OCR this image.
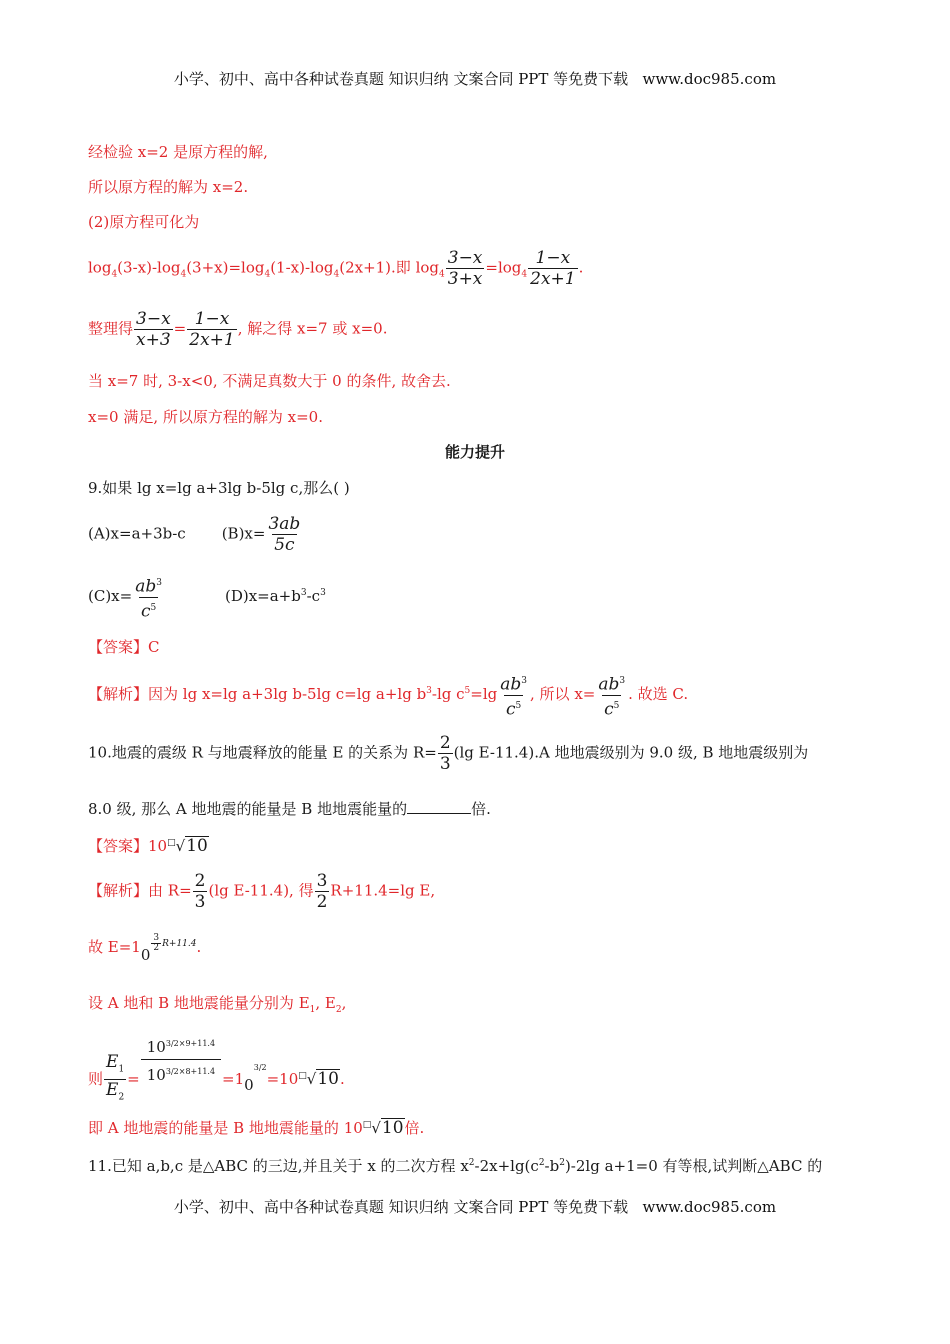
小学、初中、高中各种试卷真题 知识归纳 文案合同 PPT 等免费下载   www.doc985.com
经检验 x=2 是原方程的解,
所以原方程的解为 x=2.
(2)原方程可化为
$\log_4(3-x)-\log_4(3+x)=\log_4(1-x)-\log_4(2x+1)$.即 $\log_4 \frac{3-x}{3+x} =\log_4 \frac{1-x}{2x+1}$ .
整理得 $\frac{3-x}{x+3} = \frac{1-x}{2x+1}$ , 解之得 x=7 或 x=0.
当 x=7 时, 3-x<0, 不满足真数大于 0 的条件, 故舍去.
x=0 满足, 所以原方程的解为 x=0.
能力提升
9.如果 lg x=lg a+3lg b-5lg c,那么( )
(A)x=a+3b-c $(B)x= \frac{3ab}{5c}$
$(C)x= \frac{ab^3}{c^5}$	$(D)x=a+b^3-c^3$
【答案】C
【解析】因为 lg x=lg a+3lg b-5lg c=lg a+lg $b^3-\lg$ $c^5=\lg \frac{ab^3}{c^5}$ , 所以 $x= \frac{ab^3}{c^5}$ . 故选 C.
10.地震的震级 R 与地震释放的能量 E 的关系为 $R= \frac{2}{3} (\lg$ E-11.4).A 地地震级别为 9.0 级, B 地地震级别为
8.0 级, 那么 A 地地震的能量是 B 地地震能量的	倍.
【答案】10□√10
【解析】由 $R= \frac{2}{3} (\lg$ E-11.4), 得 $\frac{3}{2} R+11.4=\lg$ E,
故 E=10
$^{\frac{3}{2} R+11.4}$.
设 A 地和 B 地地震能量分别为 $E_1$, $E_2$,
则 $\frac{E_1}{E_2} = \frac{10^{3/2\times 9+11.4}}{10^{3/2\times 8+11.4}} =10^{3/2}=10^□√10$.
即 A 地地震的能量是 B 地地震能量的 10□√10倍.
11.已知 a,b,c 是△ABC 的三边,并且关于 x 的二次方程 $x^2-2x+\lg(c^2-b^2)-2\lg$ a+1=0 有等根,试判断△ABC 的
小学、初中、高中各种试卷真题 知识归纳 文案合同 PPT 等免费下载   www.doc985.com
